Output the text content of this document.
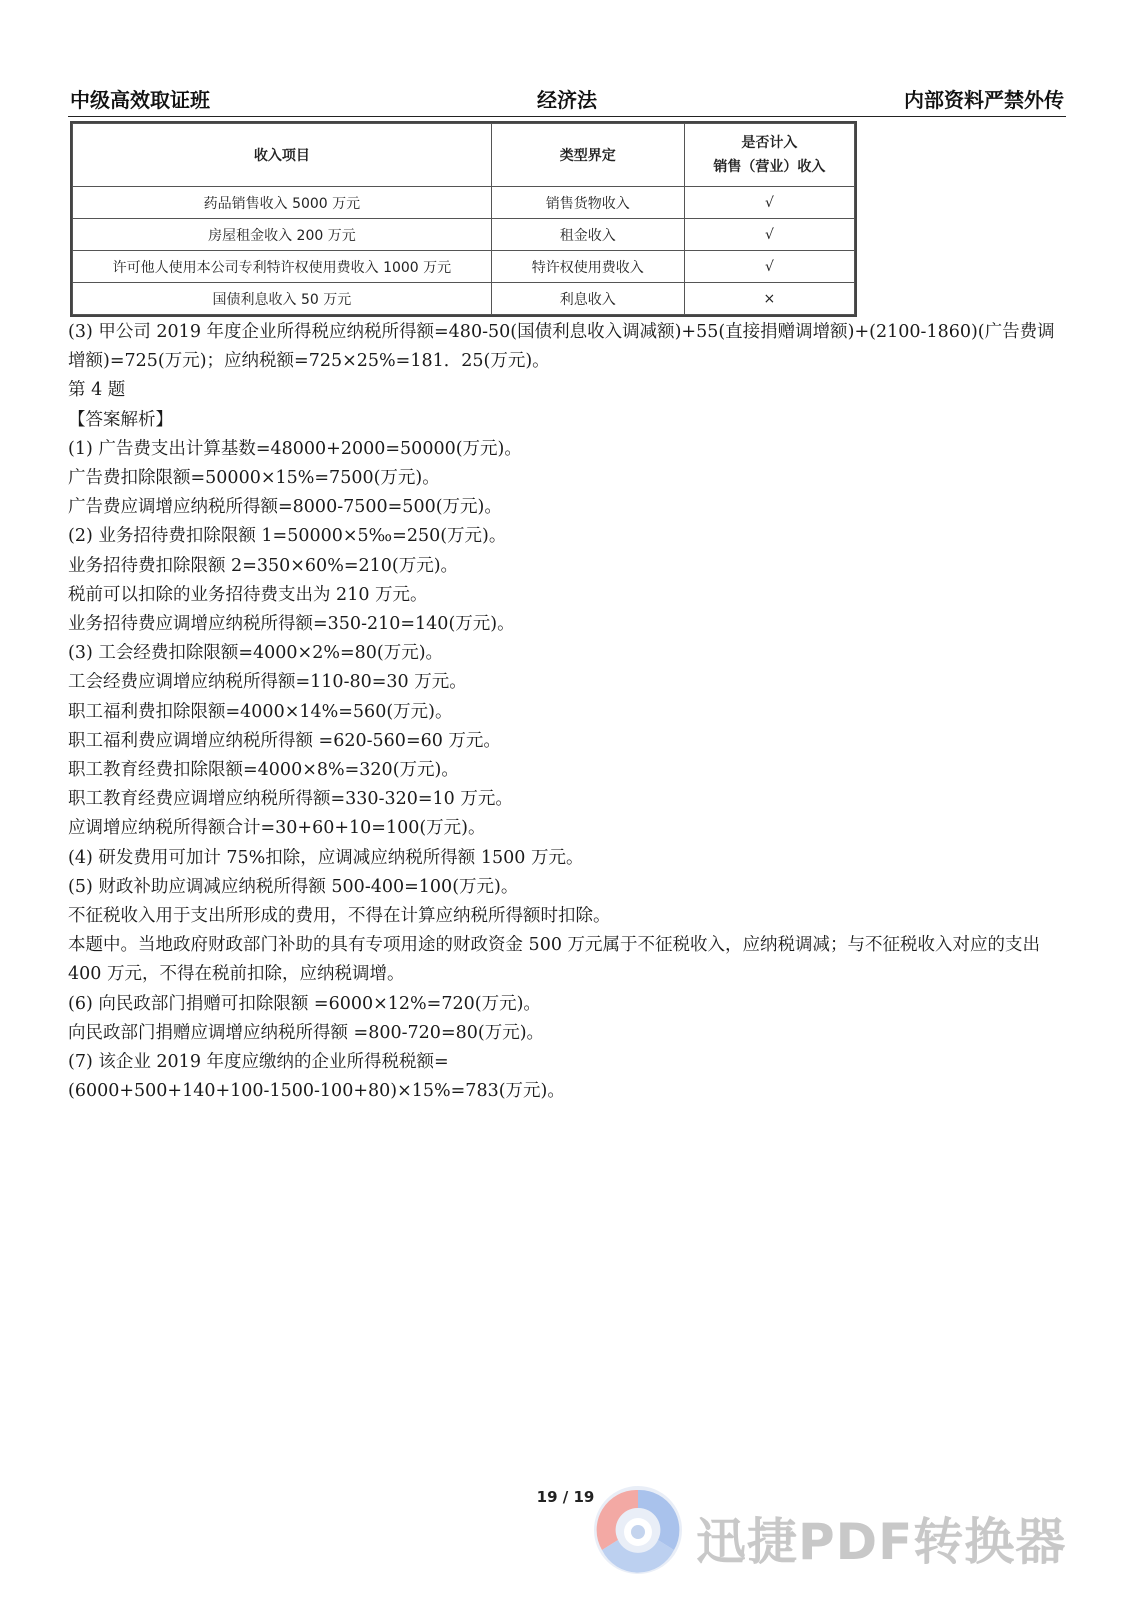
中级高效取证班	经济法	内部资料严禁外传
收入项目	类型界定	是否计入
销售（营业）收入

药品销售收入 5000 万元	销售货物收入	√
房屋租金收入 200 万元	租金收入	√
许可他人使用本公司专利特许权使用费收入 1000 万元	特许权使用费收入	√
国债利息收入 50 万元	利息收入	×

(3) 甲公司 2019 年度企业所得税应纳税所得额=480-50(国债利息收入调减额)+55(直接捐赠调增额)+(2100-1860)(广告费调增额)=725(万元)；应纳税额=725×25%=181．25(万元)。

第 4 题

【答案解析】

(1) 广告费支出计算基数=48000+2000=50000(万元)。

广告费扣除限额=50000×15%=7500(万元)。

广告费应调增应纳税所得额=8000-7500=500(万元)。

(2) 业务招待费扣除限额 1=50000×5‰=250(万元)。

业务招待费扣除限额 2=350×60%=210(万元)。

税前可以扣除的业务招待费支出为 210 万元。

业务招待费应调增应纳税所得额=350-210=140(万元)。

(3) 工会经费扣除限额=4000×2%=80(万元)。

工会经费应调增应纳税所得额=110-80=30 万元。

职工福利费扣除限额=4000×14%=560(万元)。

职工福利费应调增应纳税所得额 =620-560=60 万元。

职工教育经费扣除限额=4000×8%=320(万元)。

职工教育经费应调增应纳税所得额=330-320=10 万元。

应调增应纳税所得额合计=30+60+10=100(万元)。

(4) 研发费用可加计 75%扣除，应调减应纳税所得额 1500 万元。

(5) 财政补助应调减应纳税所得额 500-400=100(万元)。

不征税收入用于支出所形成的费用，不得在计算应纳税所得额时扣除。

本题中。当地政府财政部门补助的具有专项用途的财政资金 500 万元属于不征税收入，应纳税调减；与不征税收入对应的支出 400 万元，不得在税前扣除，应纳税调增。

(6) 向民政部门捐赠可扣除限额 =6000×12%=720(万元)。

向民政部门捐赠应调增应纳税所得额 =800-720=80(万元)。

(7) 该企业 2019 年度应缴纳的企业所得税税额=

(6000+500+140+100-1500-100+80)×15%=783(万元)。

19 / 19
迅捷PDF转换器
